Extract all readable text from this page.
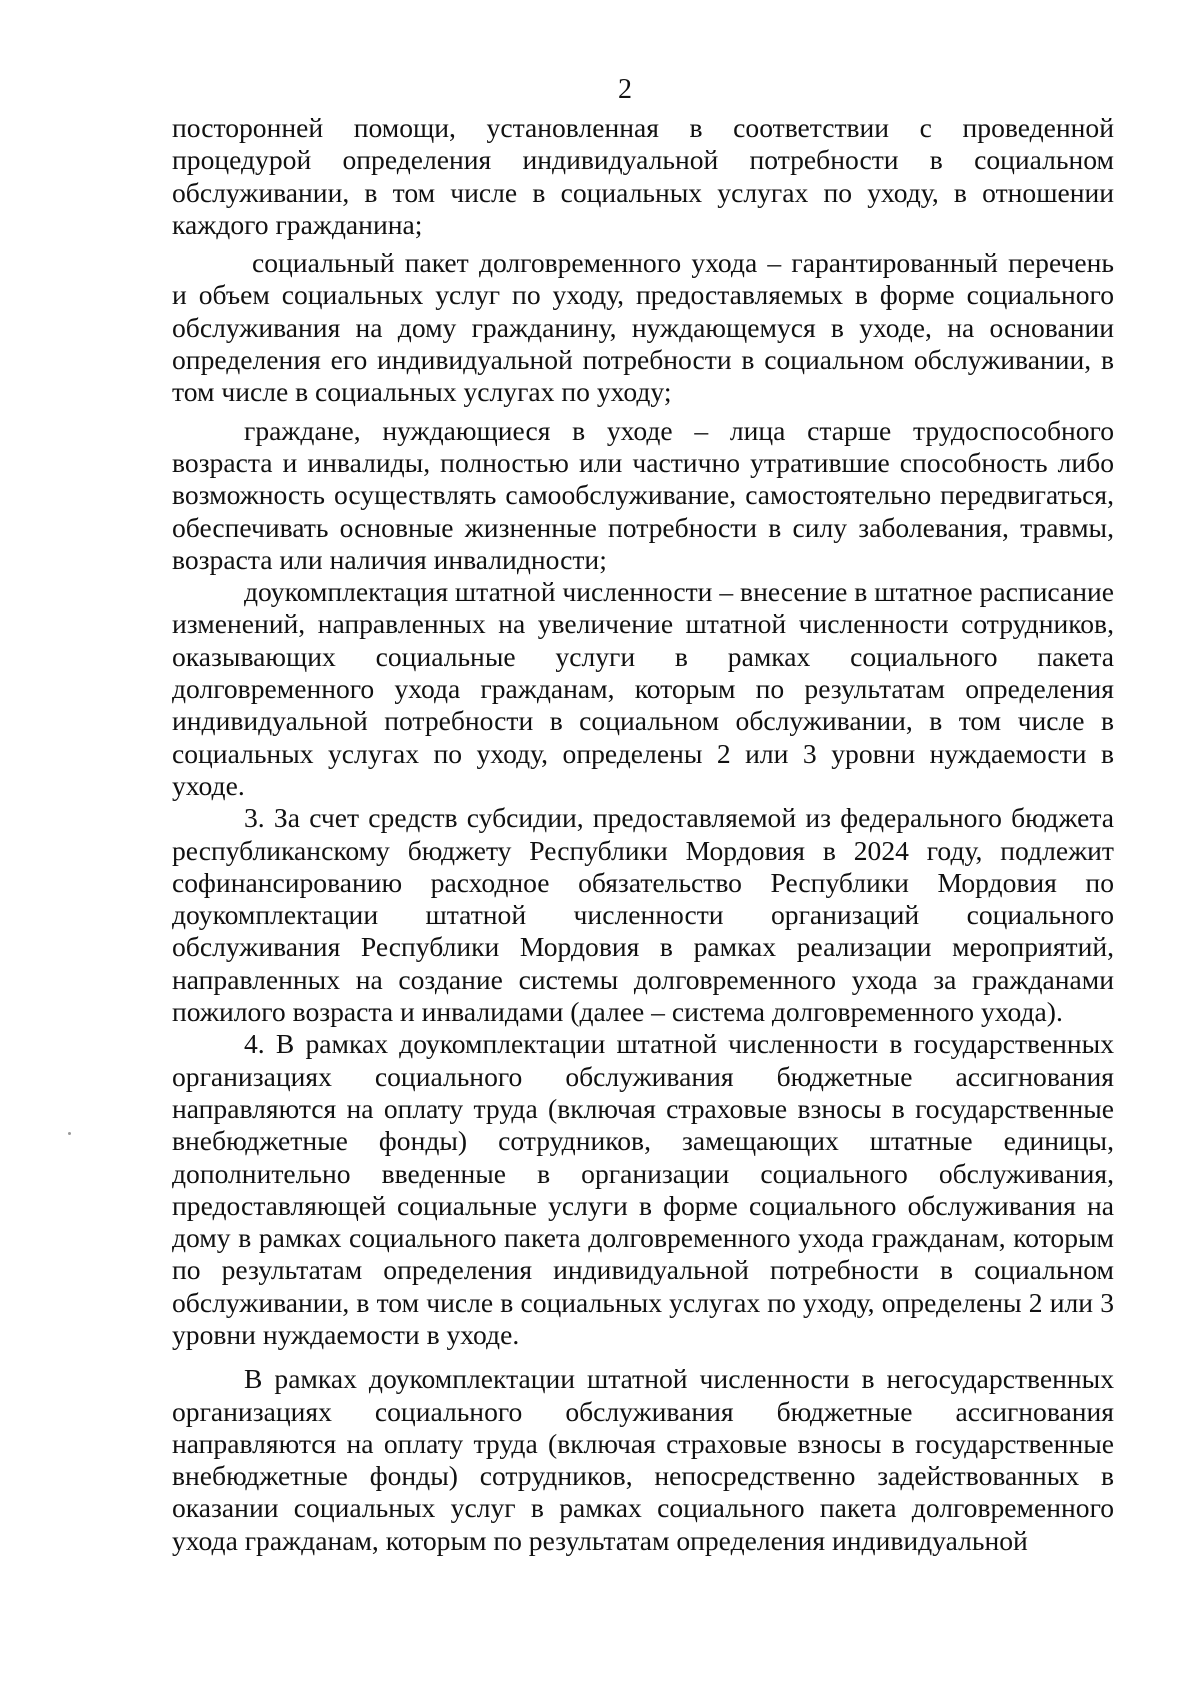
2

посторонней помощи, установленная в соответствии с проведенной процедурой определения индивидуальной потребности в социальном обслуживании, в том числе в социальных услугах по уходу, в отношении каждого гражданина;

социальный пакет долговременного ухода – гарантированный перечень и объем социальных услуг по уходу, предоставляемых в форме социального обслуживания на дому гражданину, нуждающемуся в уходе, на основании определения его индивидуальной потребности в социальном обслуживании, в том числе в социальных услугах по уходу;

граждане, нуждающиеся в уходе – лица старше трудоспособного возраста и инвалиды, полностью или частично утратившие способность либо возможность осуществлять самообслуживание, самостоятельно передвигаться, обеспечивать основные жизненные потребности в силу заболевания, травмы, возраста или наличия инвалидности;

доукомплектация штатной численности – внесение в штатное расписание изменений, направленных на увеличение штатной численности сотрудников, оказывающих социальные услуги в рамках социального пакета долговременного ухода гражданам, которым по результатам определения индивидуальной потребности в социальном обслуживании, в том числе в социальных услугах по уходу, определены 2 или 3 уровни нуждаемости в уходе.

3. За счет средств субсидии, предоставляемой из федерального бюджета республиканскому бюджету Республики Мордовия в 2024 году, подлежит софинансированию расходное обязательство Республики Мордовия по доукомплектации штатной численности организаций социального обслуживания Республики Мордовия в рамках реализации мероприятий, направленных на создание системы долговременного ухода за гражданами пожилого возраста и инвалидами (далее – система долговременного ухода).

4. В рамках доукомплектации штатной численности в государственных организациях социального обслуживания бюджетные ассигнования направляются на оплату труда (включая страховые взносы в государственные внебюджетные фонды) сотрудников, замещающих штатные единицы, дополнительно введенные в организации социального обслуживания, предоставляющей социальные услуги в форме социального обслуживания на дому в рамках социального пакета долговременного ухода гражданам, которым по результатам определения индивидуальной потребности в социальном обслуживании, в том числе в социальных услугах по уходу, определены 2 или 3 уровни нуждаемости в уходе.

В рамках доукомплектации штатной численности в негосударственных организациях социального обслуживания бюджетные ассигнования направляются на оплату труда (включая страховые взносы в государственные внебюджетные фонды) сотрудников, непосредственно задействованных в оказании социальных услуг в рамках социального пакета долговременного ухода гражданам, которым по результатам определения индивидуальной
